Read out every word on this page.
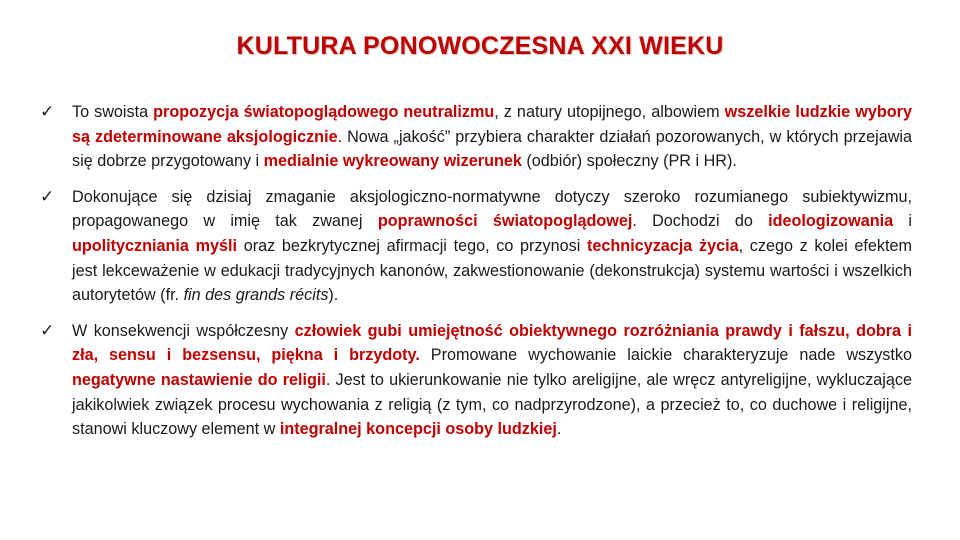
KULTURA PONOWOCZESNA XXI WIEKU
✓	To swoista propozycja światopoglądowego neutralizmu, z natury utopijnego, albowiem wszelkie ludzkie wybory są zdeterminowane aksjologicznie. Nowa „jakość” przybiera charakter działań pozorowanych, w których przejawia się dobrze przygotowany i medialnie wykreowany wizerunek (odbiór) społeczny (PR i HR).
✓	Dokonujące się dzisiaj zmaganie aksjologiczno-normatywne dotyczy szeroko rozumianego subiektywizmu, propagowanego w imię tak zwanej poprawności światopoglądowej. Dochodzi do ideologizowania i upolityczniania myśli oraz bezkrytycznej afirmacji tego, co przynosi technicyzacja życia, czego z kolei efektem jest lekceważenie w edukacji tradycyjnych kanonów, zakwestionowanie (dekonstrukcja) systemu wartości i wszelkich autorytetów (fr. fin des grands récits).
✓	W konsekwencji współczesny człowiek gubi umiejętność obiektywnego rozróżniania prawdy i fałszu, dobra i zła, sensu i bezsensu, piękna i brzydoty. Promowane wychowanie laickie charakteryzuje nade wszystko negatywne nastawienie do religii. Jest to ukierunkowanie nie tylko areligijne, ale wręcz antyreligijne, wykluczające jakikolwiek związek procesu wychowania z religią (z tym, co nadprzyrodzone), a przecież to, co duchowe i religijne, stanowi kluczowy element w integralnej koncepcji osoby ludzkiej.
